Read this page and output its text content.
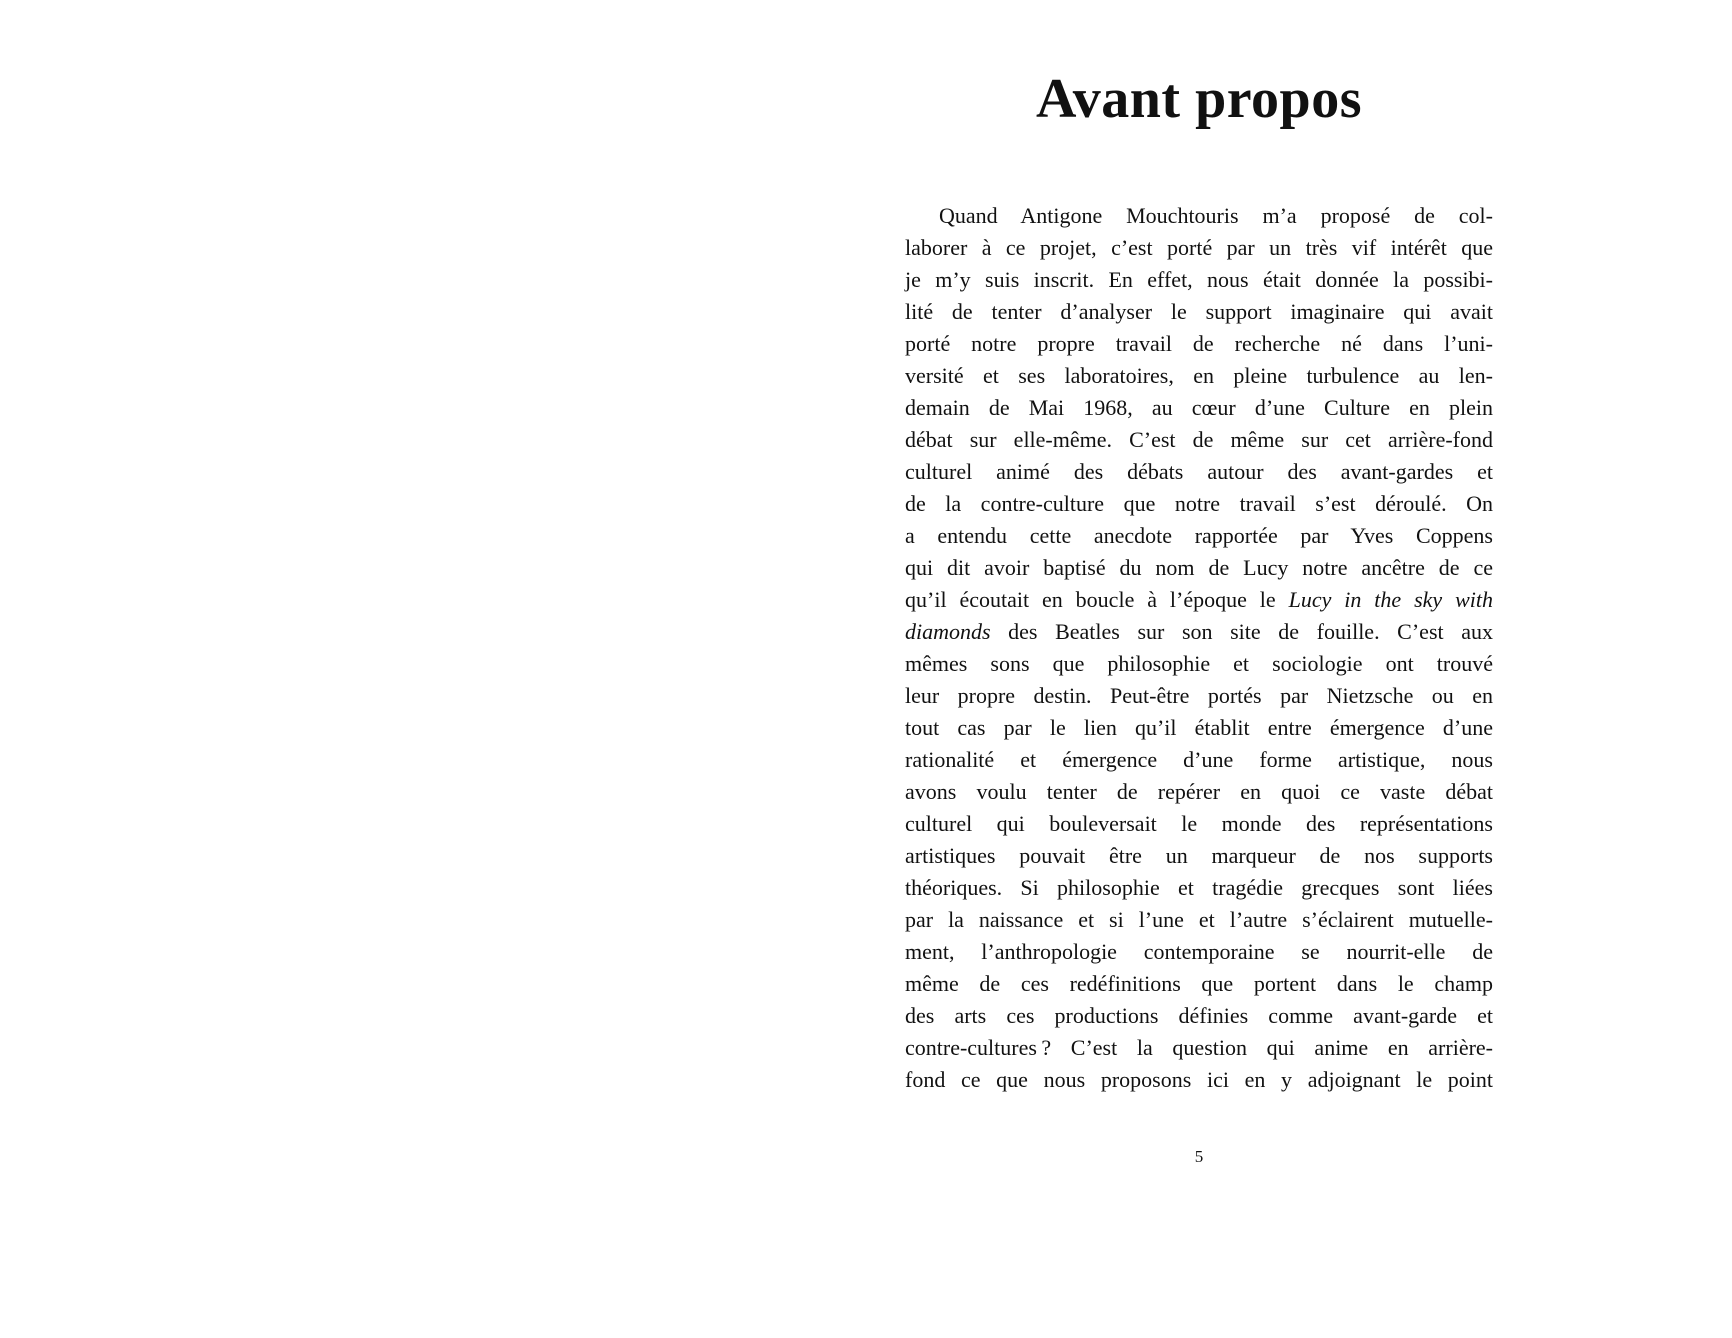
Avant propos
Quand Antigone Mouchtouris m’a proposé de col-
laborer à ce projet, c’est porté par un très vif intérêt que
je m’y suis inscrit. En effet, nous était donnée la possibi-
lité de tenter d’analyser le support imaginaire qui avait
porté notre propre travail de recherche né dans l’uni-
versité et ses laboratoires, en pleine turbulence au len-
demain de Mai 1968, au cœur d’une Culture en plein
débat sur elle-même. C’est de même sur cet arrière-fond
culturel animé des débats autour des avant-gardes et
de la contre-culture que notre travail s’est déroulé. On
a entendu cette anecdote rapportée par Yves Coppens
qui dit avoir baptisé du nom de Lucy notre ancêtre de ce
qu’il écoutait en boucle à l’époque le Lucy in the sky with
diamonds des Beatles sur son site de fouille. C’est aux
mêmes sons que philosophie et sociologie ont trouvé
leur propre destin. Peut-être portés par Nietzsche ou en
tout cas par le lien qu’il établit entre émergence d’une
rationalité et émergence d’une forme artistique, nous
avons voulu tenter de repérer en quoi ce vaste débat
culturel qui bouleversait le monde des représentations
artistiques pouvait être un marqueur de nos supports
théoriques. Si philosophie et tragédie grecques sont liées
par la naissance et si l’une et l’autre s’éclairent mutuelle-
ment, l’anthropologie contemporaine se nourrit-elle de
même de ces redéfinitions que portent dans le champ
des arts ces productions définies comme avant-garde et
contre-cultures ? C’est la question qui anime en arrière-
fond ce que nous proposons ici en y adjoignant le point
5
